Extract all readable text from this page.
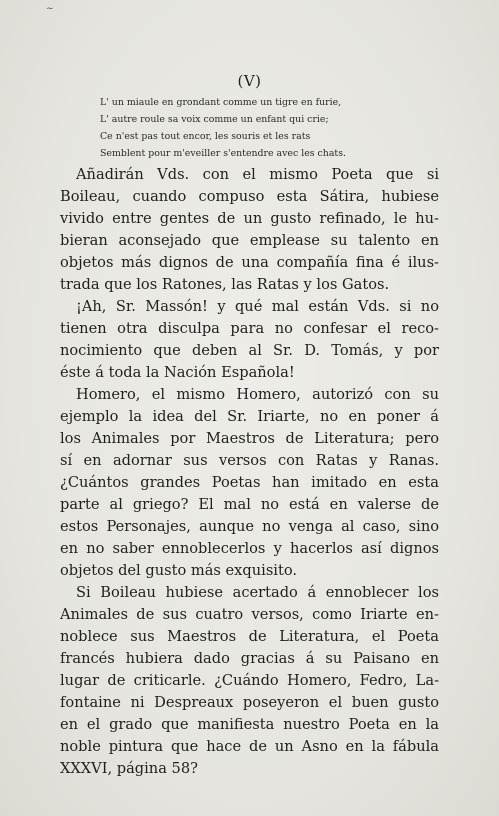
~
(V)
L' un miaule en grondant comme un tigre en furie,
L' autre roule sa voix comme un enfant qui crie;
Ce n'est pas tout encor, les souris et les rats
Semblent pour m'eveiller s'entendre avec les chats.
Añadirán Vds. con el mismo Poeta que si
Boileau, cuando compuso esta Sátira, hubiese
vivido entre gentes de un gusto refinado, le hu-
bieran aconsejado que emplease su talento en
objetos más dignos de una compañía fina é ilus-
trada que los Ratones, las Ratas y los Gatos.
¡Ah, Sr. Massón! y qué mal están Vds. si no
tienen otra disculpa para no confesar el reco-
nocimiento que deben al Sr. D. Tomás, y por
éste á toda la Nación Española!
Homero, el mismo Homero, autorizó con su
ejemplo la idea del Sr. Iriarte, no en poner á
los Animales por Maestros de Literatura; pero
sí en adornar sus versos con Ratas y Ranas.
¿Cuántos grandes Poetas han imitado en esta
parte al griego? El mal no está en valerse de
estos Personajes, aunque no venga al caso, sino
en no saber ennoblecerlos y hacerlos así dignos
objetos del gusto más exquisito.
Si Boileau hubiese acertado á ennoblecer los
Animales de sus cuatro versos, como Iriarte en-
noblece sus Maestros de Literatura, el Poeta
francés hubiera dado gracias á su Paisano en
lugar de criticarle. ¿Cuándo Homero, Fedro, La-
fontaine ni Despreaux poseyeron el buen gusto
en el grado que manifiesta nuestro Poeta en la
noble pintura que hace de un Asno en la fábula
XXXVI, página 58?
